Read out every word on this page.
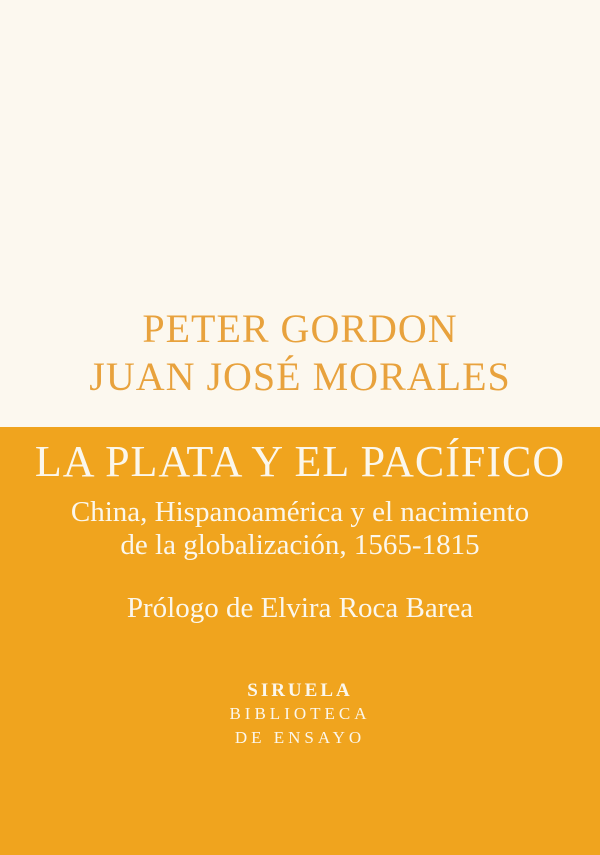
PETER GORDON
JUAN JOSÉ MORALES
LA PLATA Y EL PACÍFICO
China, Hispanoamérica y el nacimiento
de la globalización, 1565-1815
Prólogo de Elvira Roca Barea
SIRUELA
BIBLIOTECA
DE ENSAYO
